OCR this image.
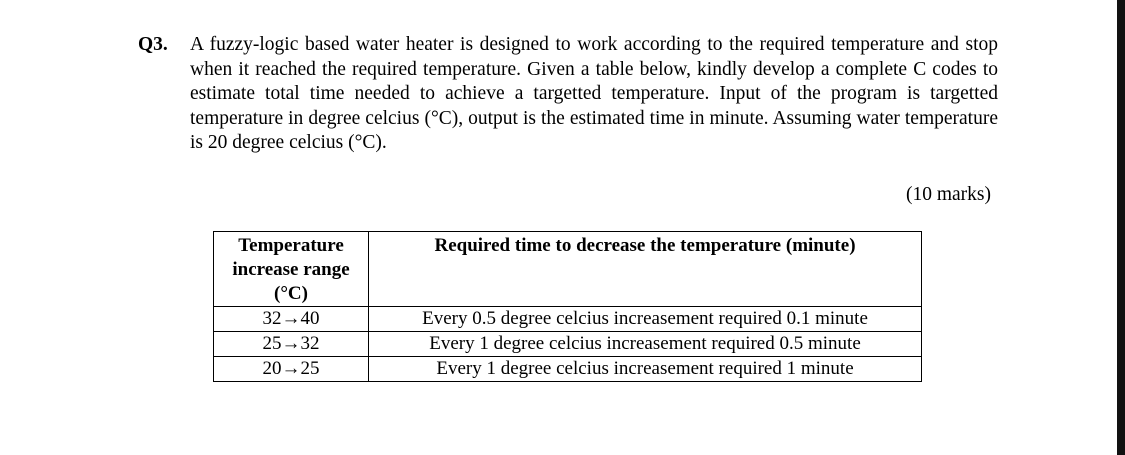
Q3.	A fuzzy-logic based water heater is designed to work according to the required temperature and stop when it reached the required temperature. Given a table below, kindly develop a complete C codes to estimate total time needed to achieve a targetted temperature. Input of the program is targetted temperature in degree celcius (°C), output is the estimated time in minute. Assuming water temperature is 20 degree celcius (°C).
(10 marks)
Temperature increase range (°C)	Required time to decrease the temperature (minute)
32→40	Every 0.5 degree celcius increasement required 0.1 minute
25→32	Every 1 degree celcius increasement required 0.5 minute
20→25	Every 1 degree celcius increasement required 1 minute
